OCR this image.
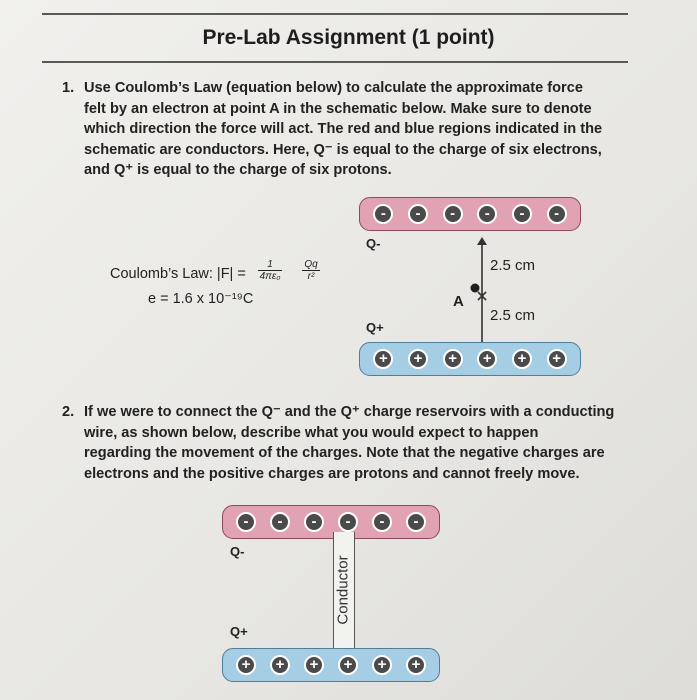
Pre-Lab Assignment (1 point)
1. Use Coulomb’s Law (equation below) to calculate the approximate force
felt by an electron at point A in the schematic below. Make sure to denote
which direction the force will act. The red and blue regions indicated in the
schematic are conductors. Here, Q⁻ is equal to the charge of six electrons,
and Q⁺ is equal to the charge of six protons.
Coulomb’s Law: $|F| = \frac{1}{\text{4πε₀}} \frac{Qq}{\text{r²}}$
e = 1.6 x 10⁻¹⁹C
-	-	-	-	-	-
Q-
2.5 cm
A
2.5 cm
Q+
+	+	+	+	+	+
2. If we were to connect the Q⁻ and the Q⁺ charge reservoirs with a conducting
wire, as shown below, describe what you would expect to happen
regarding the movement of the charges. Note that the negative charges are
electrons and the positive charges are protons and cannot freely move.
-	-	-	-	-	-
Q-
Conductor
Q+
+	+	+	+	+	+
